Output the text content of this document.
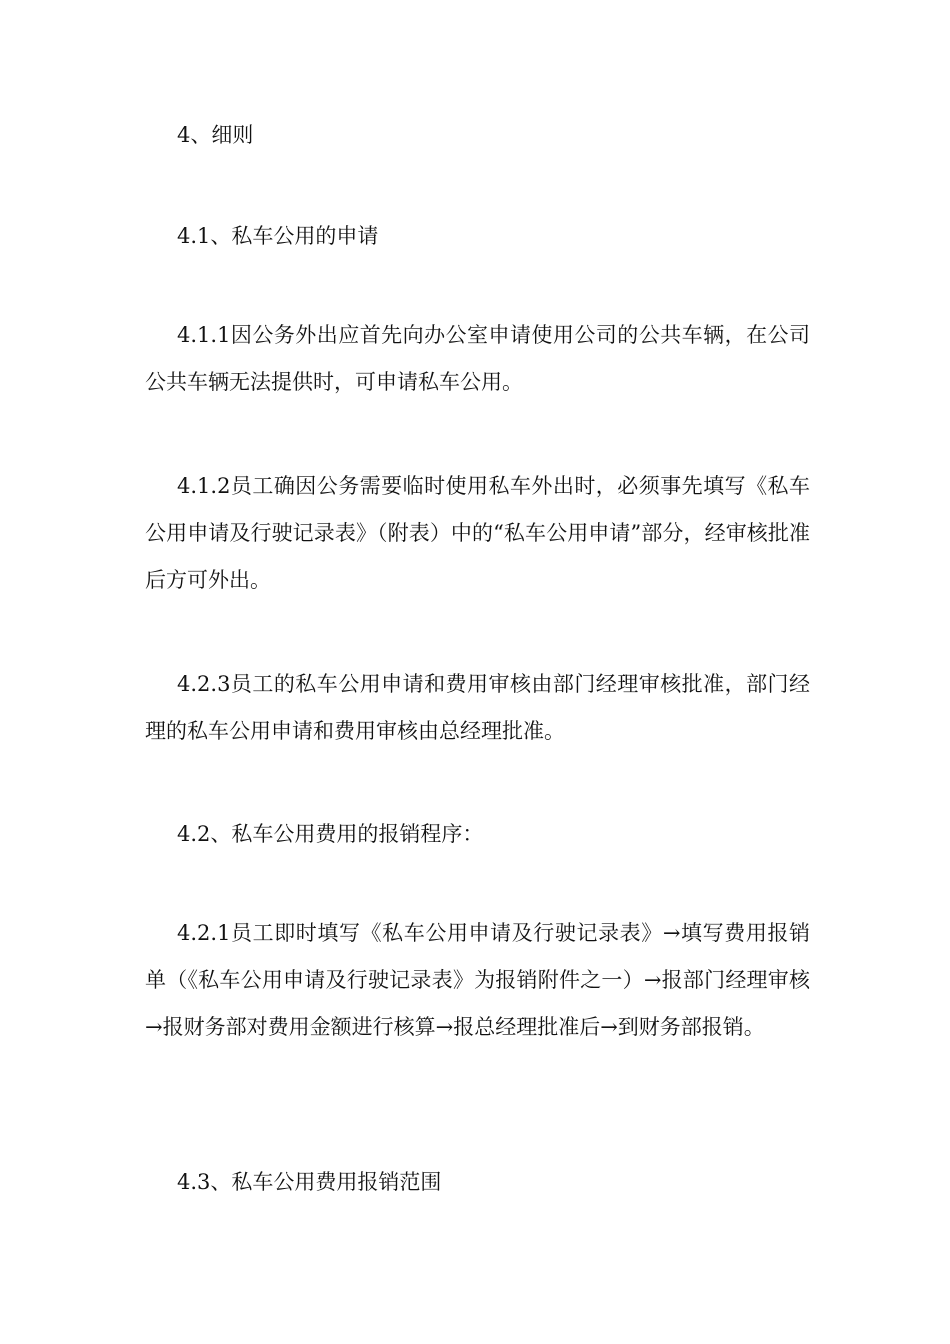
4、细则

4.1、私车公用的申请

4.1.1因公务外出应首先向办公室申请使用公司的公共车辆，在公司公共车辆无法提供时，可申请私车公用。

4.1.2员工确因公务需要临时使用私车外出时，必须事先填写《私车公用申请及行驶记录表》（附表）中的“私车公用申请”部分，经审核批准后方可外出。

4.2.3员工的私车公用申请和费用审核由部门经理审核批准，部门经理的私车公用申请和费用审核由总经理批准。

4.2、私车公用费用的报销程序：

4.2.1员工即时填写《私车公用申请及行驶记录表》→填写费用报销单（《私车公用申请及行驶记录表》为报销附件之一）→报部门经理审核→报财务部对费用金额进行核算→报总经理批准后→到财务部报销。

4.3、私车公用费用报销范围
